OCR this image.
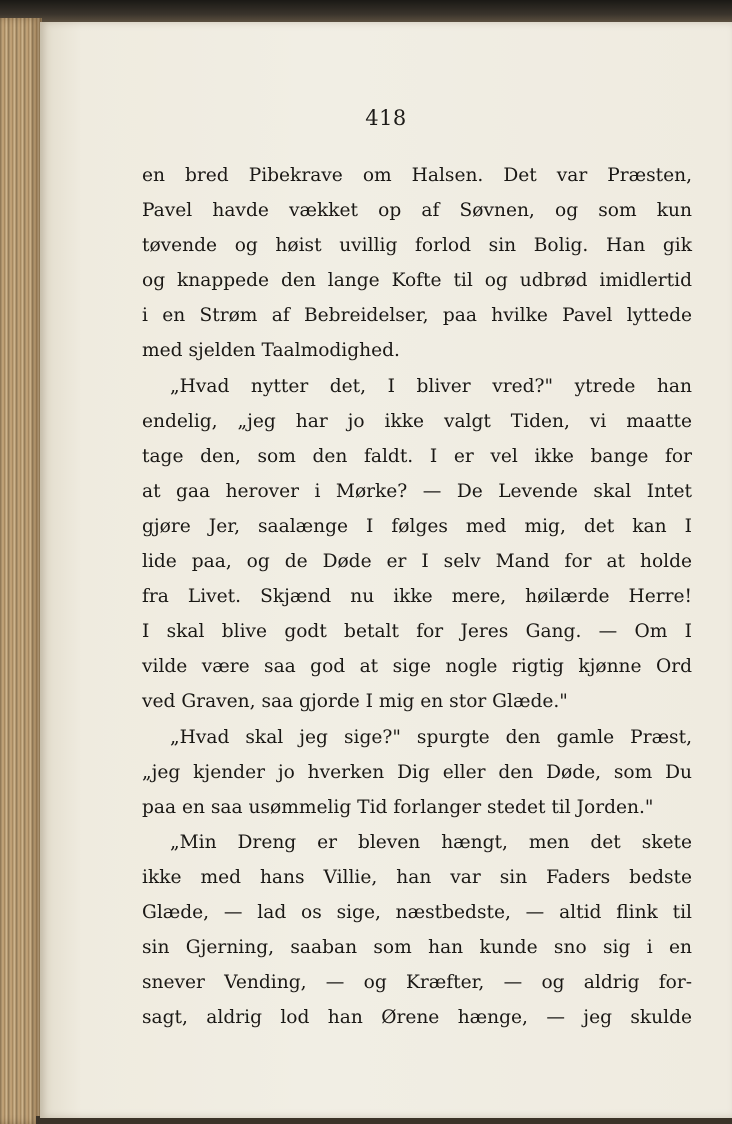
418
en bred Pibekrave om Halsen. Det var Præsten,
Pavel havde vækket op af Søvnen, og som kun
tøvende og høist uvillig forlod sin Bolig. Han gik
og knappede den lange Kofte til og udbrød imidlertid
i en Strøm af Bebreidelser, paa hvilke Pavel lyttede
med sjelden Taalmodighed.
„Hvad nytter det, I bliver vred?" ytrede han
endelig, „jeg har jo ikke valgt Tiden, vi maatte
tage den, som den faldt. I er vel ikke bange for
at gaa herover i Mørke? — De Levende skal Intet
gjøre Jer, saalænge I følges med mig, det kan I
lide paa, og de Døde er I selv Mand for at holde
fra Livet. Skjænd nu ikke mere, høilærde Herre!
I skal blive godt betalt for Jeres Gang. — Om I
vilde være saa god at sige nogle rigtig kjønne Ord
ved Graven, saa gjorde I mig en stor Glæde."
„Hvad skal jeg sige?" spurgte den gamle Præst,
„jeg kjender jo hverken Dig eller den Døde, som Du
paa en saa usømmelig Tid forlanger stedet til Jorden."
„Min Dreng er bleven hængt, men det skete
ikke med hans Villie, han var sin Faders bedste
Glæde, — lad os sige, næstbedste, — altid flink til
sin Gjerning, saaban som han kunde sno sig i en
snever Vending, — og Kræfter, — og aldrig for-
sagt, aldrig lod han Ørene hænge, — jeg skulde
